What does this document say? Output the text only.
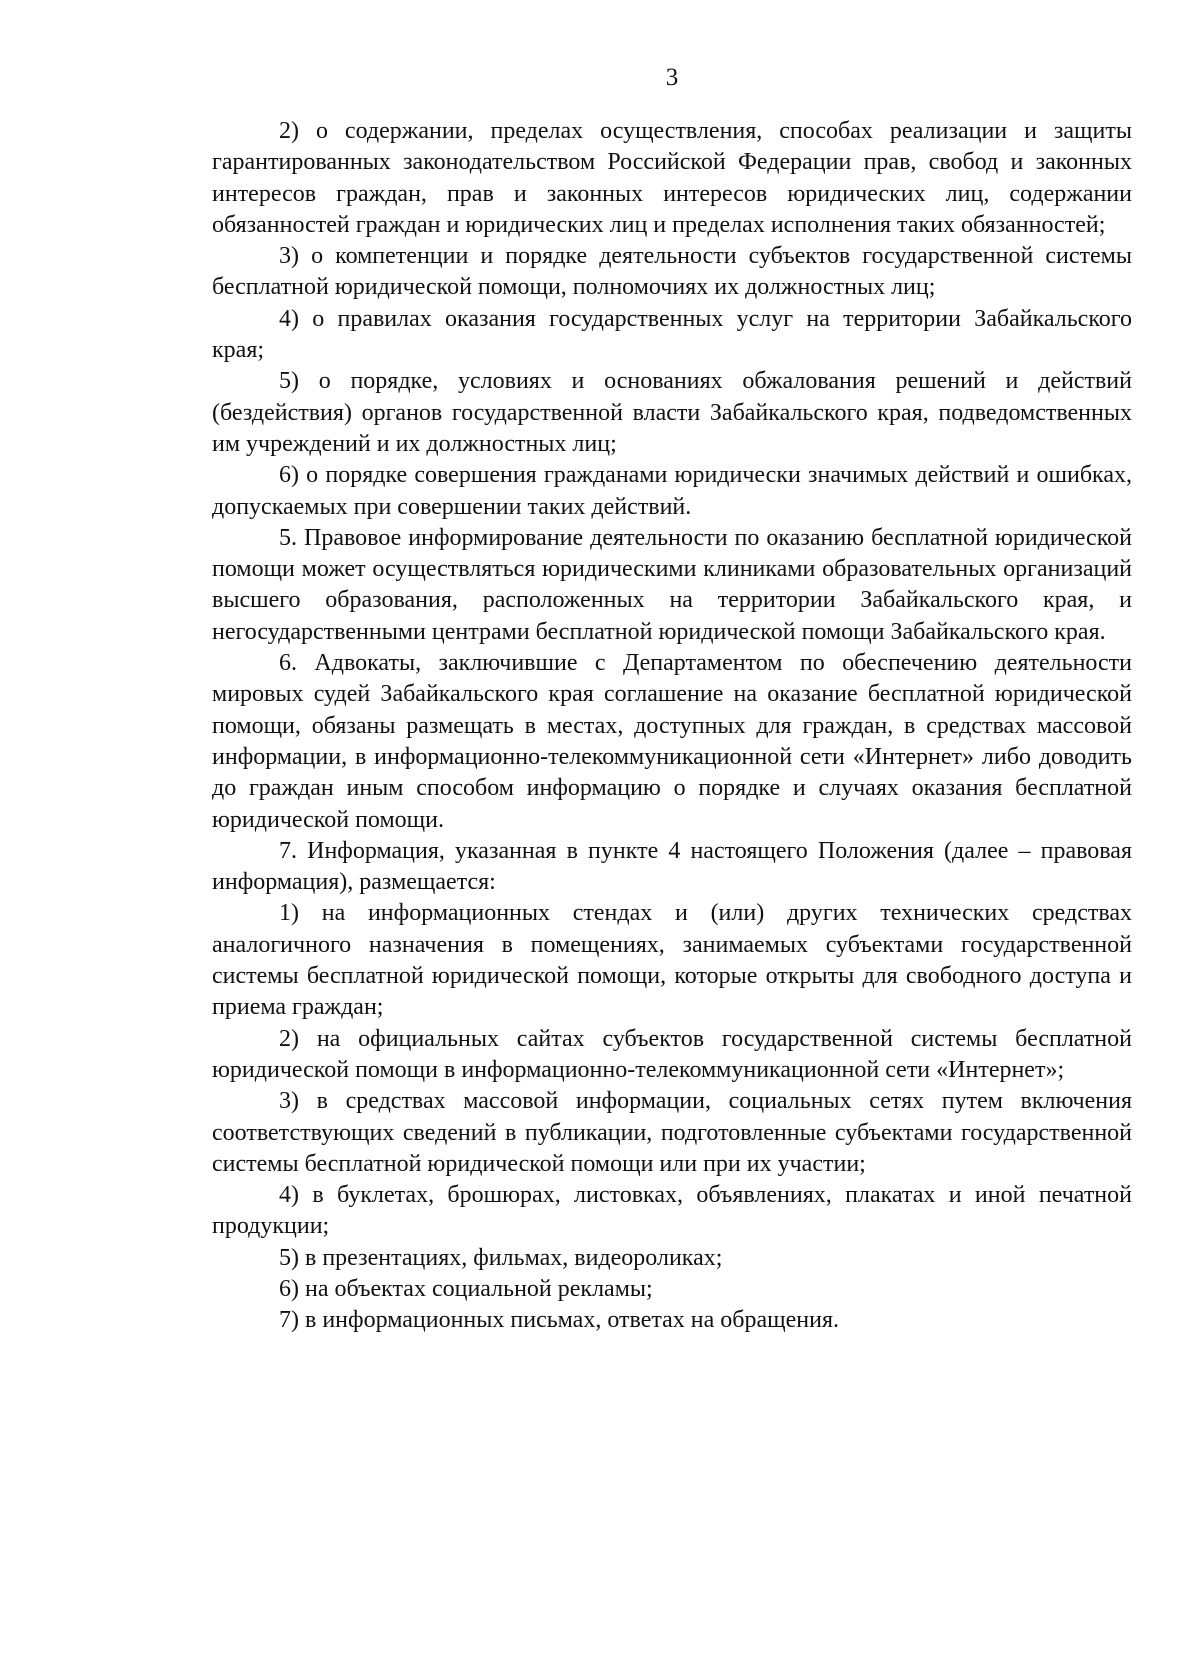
3

2) о содержании, пределах осуществления, способах реализации и защиты гарантированных законодательством Российской Федерации прав, свобод и законных интересов граждан, прав и законных интересов юридических лиц, содержании обязанностей граждан и юридических лиц и пределах исполнения таких обязанностей;

3) о компетенции и порядке деятельности субъектов государственной системы бесплатной юридической помощи, полномочиях их должностных лиц;

4) о правилах оказания государственных услуг на территории Забайкальского края;

5) о порядке, условиях и основаниях обжалования решений и действий (бездействия) органов государственной власти Забайкальского края, подведомственных им учреждений и их должностных лиц;

6) о порядке совершения гражданами юридически значимых действий и ошибках, допускаемых при совершении таких действий.

5. Правовое информирование деятельности по оказанию бесплатной юридической помощи может осуществляться юридическими клиниками образовательных организаций высшего образования, расположенных на территории Забайкальского края, и негосударственными центрами бесплатной юридической помощи Забайкальского края.

6. Адвокаты, заключившие с Департаментом по обеспечению деятельности мировых судей Забайкальского края соглашение на оказание бесплатной юридической помощи, обязаны размещать в местах, доступных для граждан, в средствах массовой информации, в информационно-телекоммуникационной сети «Интернет» либо доводить до граждан иным способом информацию о порядке и случаях оказания бесплатной юридической помощи.

7. Информация, указанная в пункте 4 настоящего Положения (далее – правовая информация), размещается:

1) на информационных стендах и (или) других технических средствах аналогичного назначения в помещениях, занимаемых субъектами государственной системы бесплатной юридической помощи, которые открыты для свободного доступа и приема граждан;

2) на официальных сайтах субъектов государственной системы бесплатной юридической помощи в информационно-телекоммуникационной сети «Интернет»;

3) в средствах массовой информации, социальных сетях путем включения соответствующих сведений в публикации, подготовленные субъектами государственной системы бесплатной юридической помощи или при их участии;

4) в буклетах, брошюрах, листовках, объявлениях, плакатах и иной печатной продукции;

5) в презентациях, фильмах, видеороликах;

6) на объектах социальной рекламы;

7) в информационных письмах, ответах на обращения.
